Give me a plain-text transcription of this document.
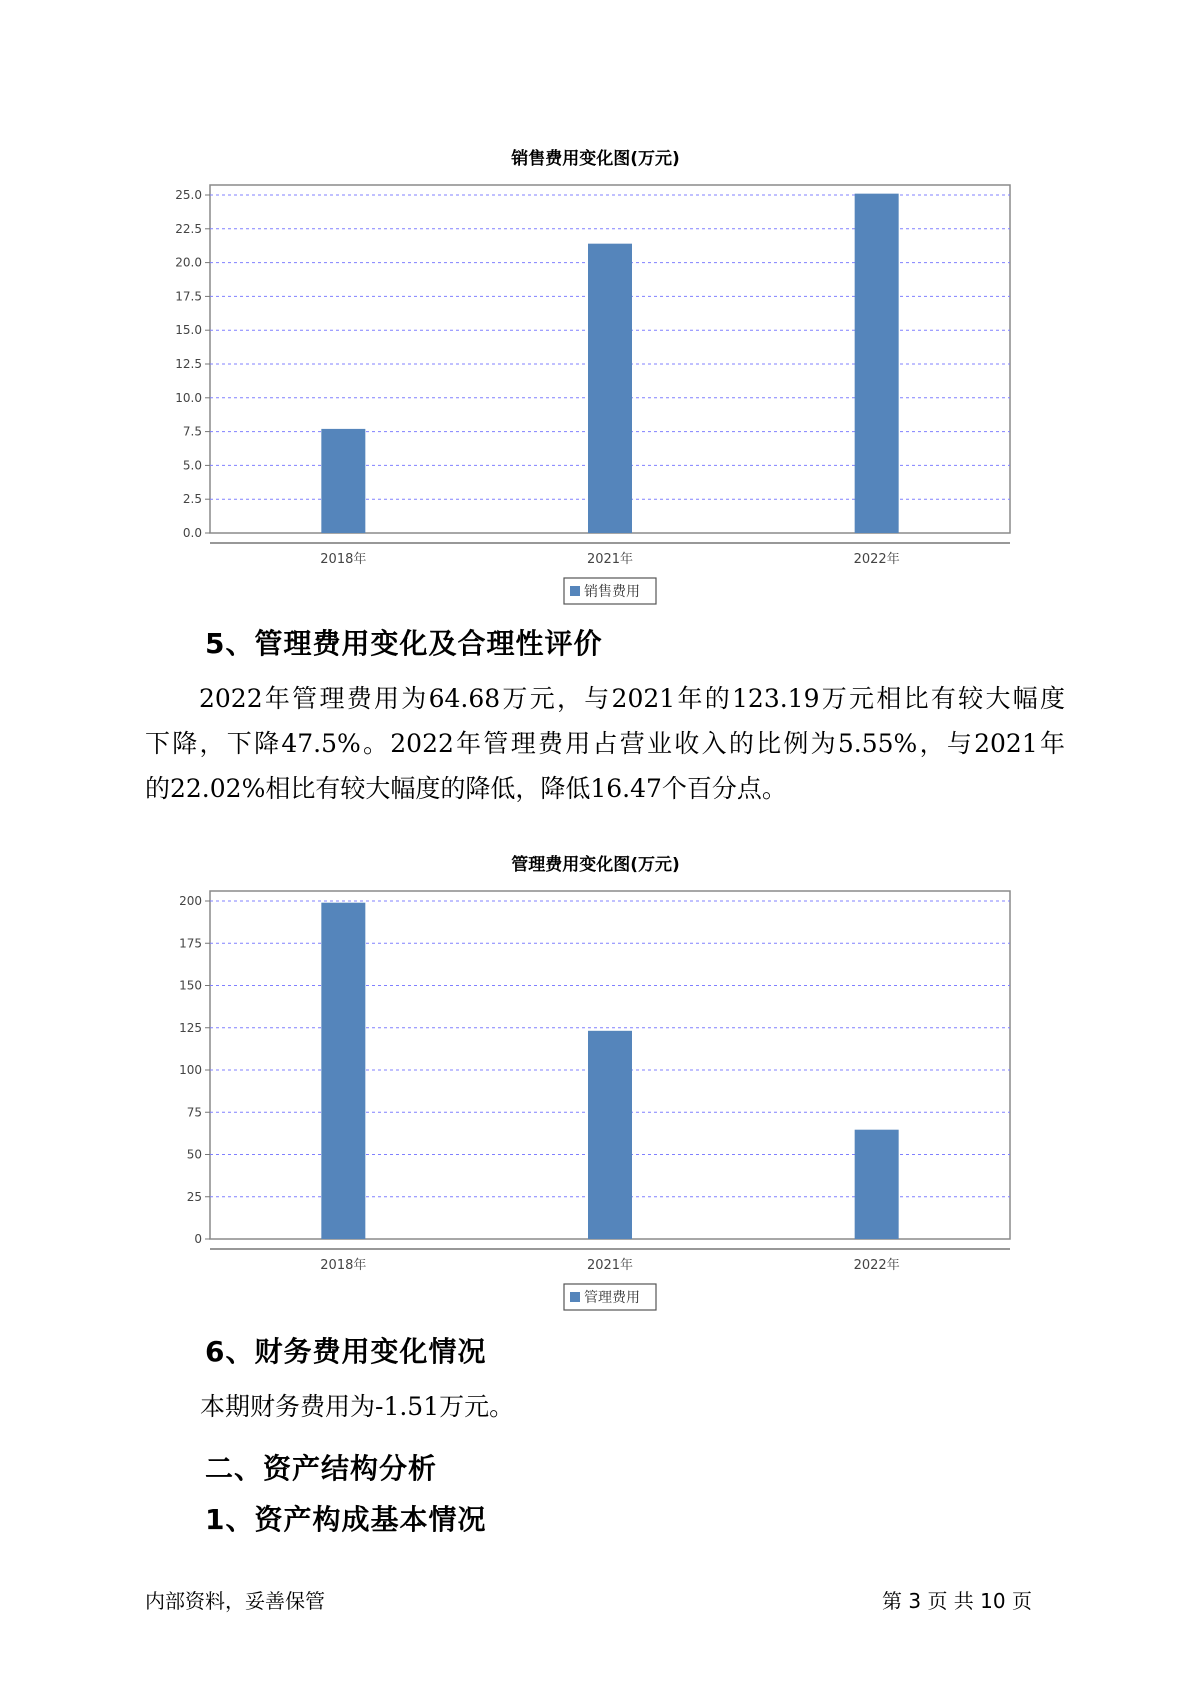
销售费用变化图(万元)
0.0
2.5
5.0
7.5
10.0
12.5
15.0
17.5
20.0
22.5
25.0
2018年	2021年	2022年
销售费用
5、管理费用变化及合理性评价

2022年管理费用为64.68万元，与2021年的123.19万元相比有较大幅度

下降，下降47.5%。2022年管理费用占营业收入的比例为5.55%，与2021年

的22.02%相比有较大幅度的降低，降低16.47个百分点。

管理费用变化图(万元)
0
25
50
75
100
125
150
175
200
2018年	2021年	2022年
管理费用
6、财务费用变化情况

本期财务费用为-1.51万元。

二、资产结构分析
1、资产构成基本情况
内部资料，妥善保管	第 3 页 共 10 页
